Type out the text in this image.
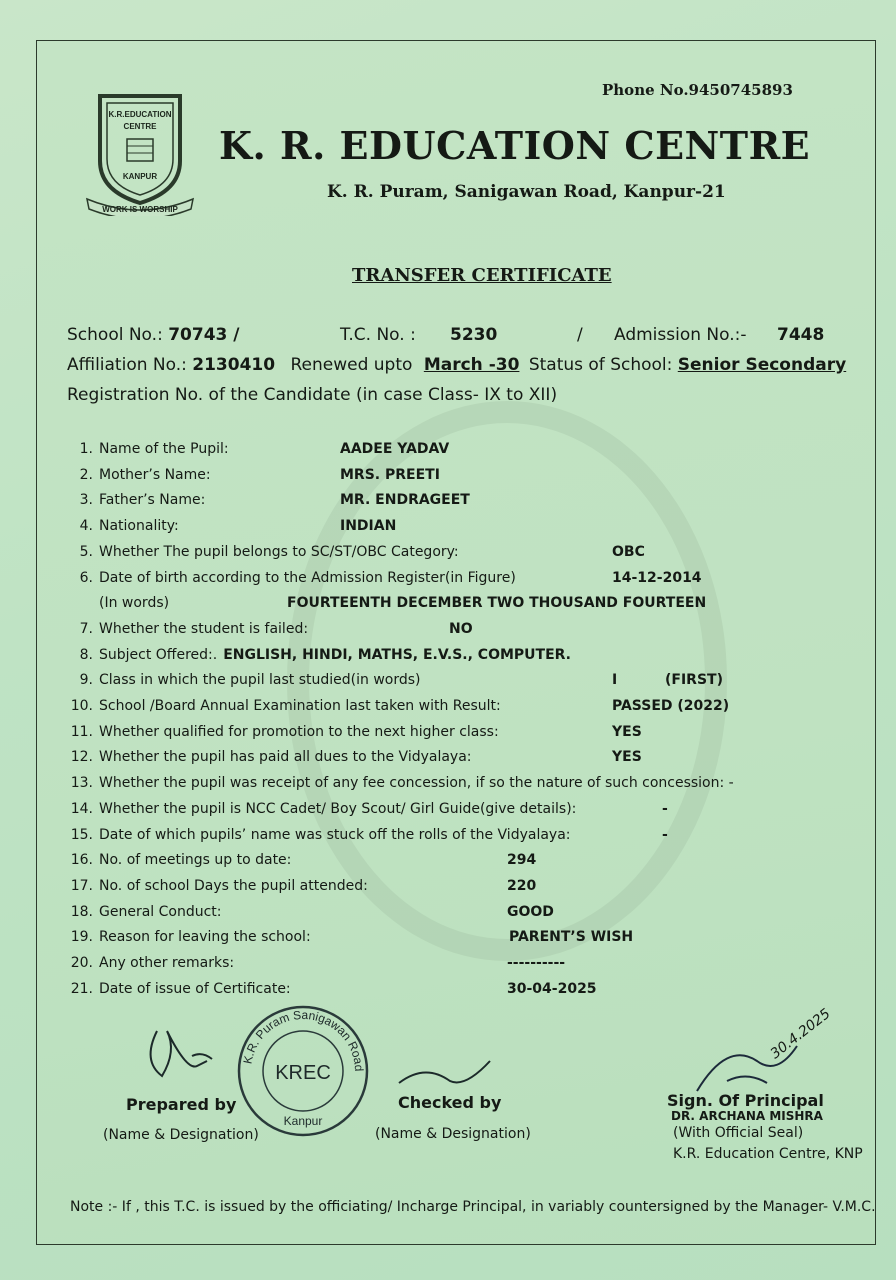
K.R.EDUCATION
CENTRE
KANPUR
WORK IS WORSHIP
Phone No.9450745893
K. R. EDUCATION CENTRE
K. R. Puram, Sanigawan Road, Kanpur-21
TRANSFER CERTIFICATE
School No.: 70743 /	T.C. No. : 5230	/ Admission No.:- 7448
Affiliation No.: 2130410 Renewed upto March -30 Status of School: Senior Secondary
Registration No. of the Candidate (in case Class- IX to XII)
1. Name of the Pupil:	AADEE YADAV
2. Mother’s Name:	MRS. PREETI
3. Father’s Name:	MR. ENDRAGEET
4. Nationality:	INDIAN
5. Whether The pupil belongs to SC/ST/OBC Category:	OBC
6. Date of birth according to the Admission Register(in Figure)	14-12-2014
(In words)	FOURTEENTH DECEMBER TWO THOUSAND FOURTEEN
7. Whether the student is failed:	NO
8. Subject Offered:. ENGLISH, HINDI, MATHS, E.V.S., COMPUTER.
9. Class in which the pupil last studied(in words)	I	(FIRST)
10. School /Board Annual Examination last taken with Result:	PASSED (2022)
11. Whether qualified for promotion to the next higher class:	YES
12. Whether the pupil has paid all dues to the Vidyalaya:	YES
13. Whether the pupil was receipt of any fee concession, if so the nature of such concession: -
14. Whether the pupil is NCC Cadet/ Boy Scout/ Girl Guide(give details):	-
15. Date of which pupils’ name was stuck off the rolls of the Vidyalaya:	-
16. No. of meetings up to date:	294
17. No. of school Days the pupil attended:	220
18. General Conduct:	GOOD
19. Reason for leaving the school:	PARENT’S WISH
20. Any other remarks:	----------
21. Date of issue of Certificate:	30-04-2025
Prepared by
(Name & Designation)
K.R. Puram Sanigawan Road
KREC
Kanpur
Checked by
(Name & Designation)
30.4.2025
Sign. Of Principal
DR. ARCHANA MISHRA
(With Official Seal)
K.R. Education Centre, KNP
Note :- If , this T.C. is issued by the officiating/ Incharge Principal, in variably countersigned by the Manager- V.M.C.
